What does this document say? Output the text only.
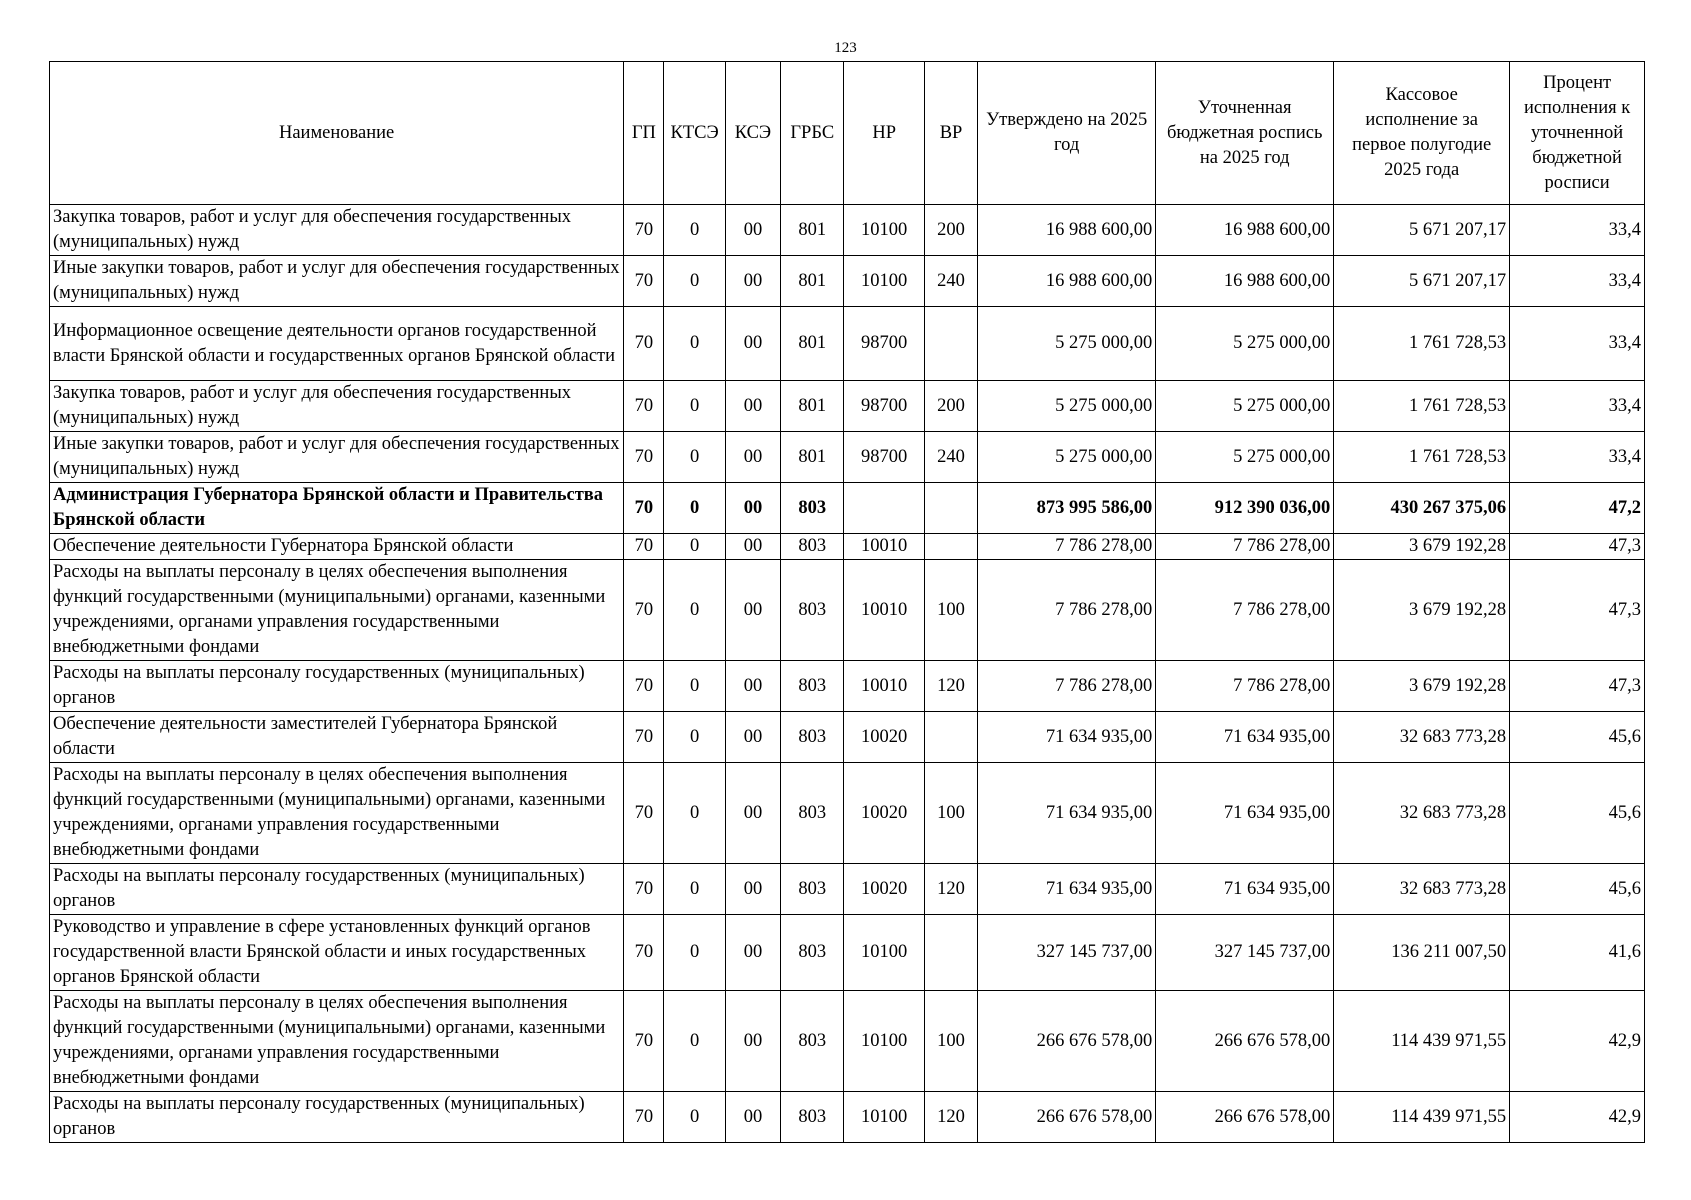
123
Наименование	ГП	КТСЭ	КСЭ	ГРБС	НР	ВР	Утверждено на 2025 год	Уточненная бюджетная роспись на 2025 год	Кассовое исполнение за первое полугодие 2025 года	Процент исполнения к уточненной бюджетной росписи
Закупка товаров, работ и услуг для обеспечения государственных (муниципальных) нужд	70	0	00	801	10100	200	16 988 600,00	16 988 600,00	5 671 207,17	33,4
Иные закупки товаров, работ и услуг для обеспечения государственных (муниципальных) нужд	70	0	00	801	10100	240	16 988 600,00	16 988 600,00	5 671 207,17	33,4
Информационное освещение деятельности органов государственной власти Брянской области и государственных органов Брянской области	70	0	00	801	98700		5 275 000,00	5 275 000,00	1 761 728,53	33,4
Закупка товаров, работ и услуг для обеспечения государственных (муниципальных) нужд	70	0	00	801	98700	200	5 275 000,00	5 275 000,00	1 761 728,53	33,4
Иные закупки товаров, работ и услуг для обеспечения государственных (муниципальных) нужд	70	0	00	801	98700	240	5 275 000,00	5 275 000,00	1 761 728,53	33,4
Администрация Губернатора Брянской области и Правительства Брянской области	70	0	00	803			873 995 586,00	912 390 036,00	430 267 375,06	47,2
Обеспечение деятельности Губернатора Брянской области	70	0	00	803	10010		7 786 278,00	7 786 278,00	3 679 192,28	47,3
Расходы на выплаты персоналу в целях обеспечения выполнения функций государственными (муниципальными) органами, казенными учреждениями, органами управления государственными внебюджетными фондами	70	0	00	803	10010	100	7 786 278,00	7 786 278,00	3 679 192,28	47,3
Расходы на выплаты персоналу государственных (муниципальных) органов	70	0	00	803	10010	120	7 786 278,00	7 786 278,00	3 679 192,28	47,3
Обеспечение деятельности заместителей Губернатора Брянской области	70	0	00	803	10020		71 634 935,00	71 634 935,00	32 683 773,28	45,6
Расходы на выплаты персоналу в целях обеспечения выполнения функций государственными (муниципальными) органами, казенными учреждениями, органами управления государственными внебюджетными фондами	70	0	00	803	10020	100	71 634 935,00	71 634 935,00	32 683 773,28	45,6
Расходы на выплаты персоналу государственных (муниципальных) органов	70	0	00	803	10020	120	71 634 935,00	71 634 935,00	32 683 773,28	45,6
Руководство и управление в сфере установленных функций органов государственной власти Брянской области и иных государственных органов Брянской области	70	0	00	803	10100		327 145 737,00	327 145 737,00	136 211 007,50	41,6
Расходы на выплаты персоналу в целях обеспечения выполнения функций государственными (муниципальными) органами, казенными учреждениями, органами управления государственными внебюджетными фондами	70	0	00	803	10100	100	266 676 578,00	266 676 578,00	114 439 971,55	42,9
Расходы на выплаты персоналу государственных (муниципальных) органов	70	0	00	803	10100	120	266 676 578,00	266 676 578,00	114 439 971,55	42,9
